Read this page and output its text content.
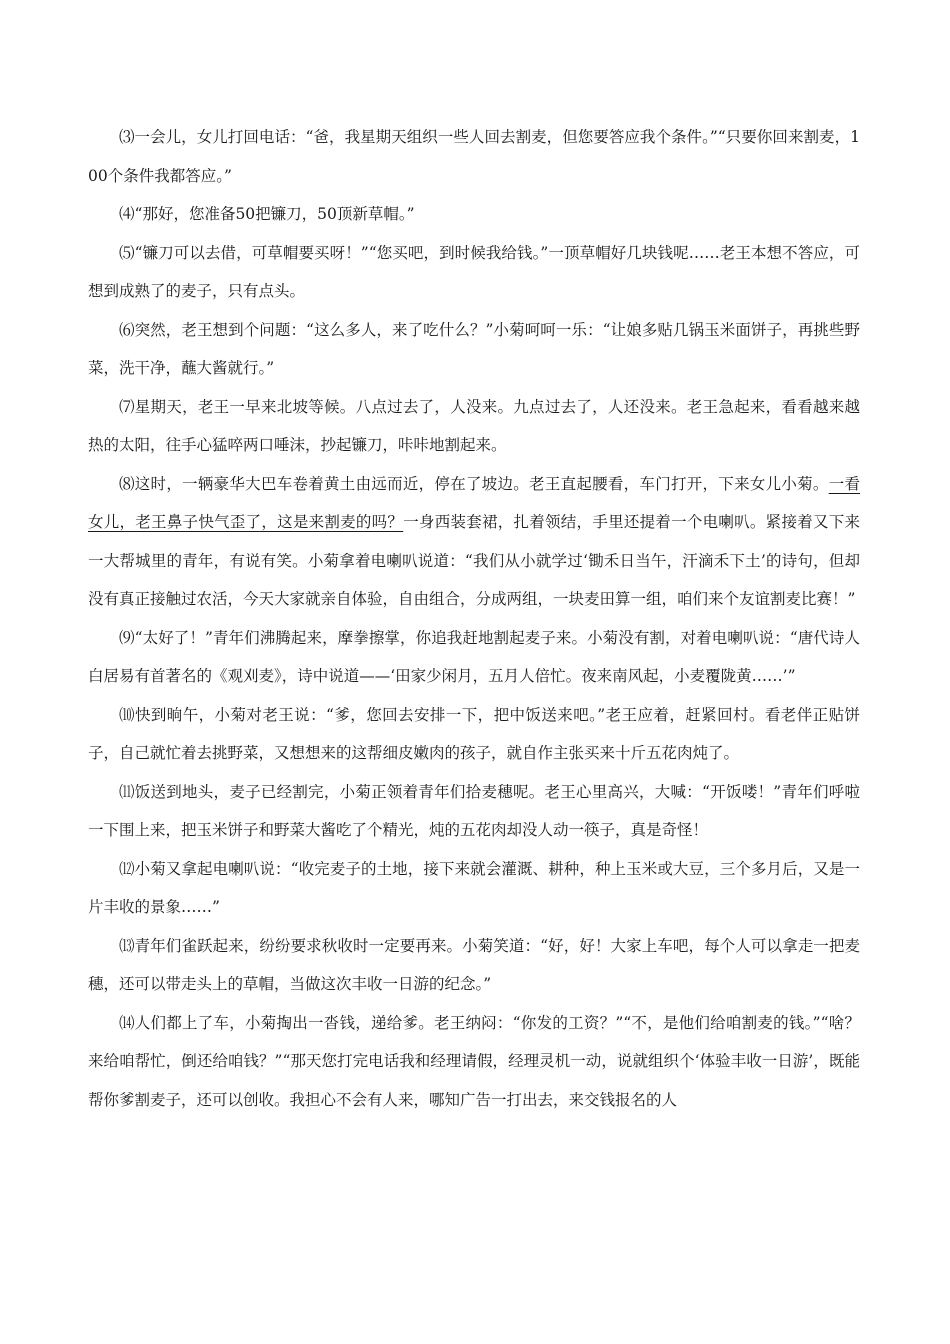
⑶一会儿，女儿打回电话：“爸，我星期天组织一些人回去割麦，但您要答应我个条件。”“只要你回来割麦，100个条件我都答应。”

⑷“那好，您准备50把镰刀，50顶新草帽。”

⑸“镰刀可以去借，可草帽要买呀！”“您买吧，到时候我给钱。”一顶草帽好几块钱呢……老王本想不答应，可想到成熟了的麦子，只有点头。

⑹突然，老王想到个问题：“这么多人，来了吃什么？”小菊呵呵一乐：“让娘多贴几锅玉米面饼子，再挑些野菜，洗干净，蘸大酱就行。”

⑺星期天，老王一早来北坡等候。八点过去了，人没来。九点过去了，人还没来。老王急起来，看看越来越热的太阳，往手心猛啐两口唾沫，抄起镰刀，咔咔地割起来。

⑻这时，一辆豪华大巴车卷着黄土由远而近，停在了坡边。老王直起腰看，车门打开，下来女儿小菊。一看女儿，老王鼻子快气歪了，这是来割麦的吗？一身西装套裙，扎着领结，手里还提着一个电喇叭。紧接着又下来一大帮城里的青年，有说有笑。小菊拿着电喇叭说道：“我们从小就学过‘锄禾日当午，汗滴禾下土’的诗句，但却没有真正接触过农活，今天大家就亲自体验，自由组合，分成两组，一块麦田算一组，咱们来个友谊割麦比赛！”

⑼“太好了！”青年们沸腾起来，摩拳擦掌，你追我赶地割起麦子来。小菊没有割，对着电喇叭说：“唐代诗人白居易有首著名的《观刈麦》，诗中说道——‘田家少闲月，五月人倍忙。夜来南风起，小麦覆陇黄……’”

⑽快到晌午，小菊对老王说：“爹，您回去安排一下，把中饭送来吧。”老王应着，赶紧回村。看老伴正贴饼子，自己就忙着去挑野菜，又想想来的这帮细皮嫩肉的孩子，就自作主张买来十斤五花肉炖了。

⑾饭送到地头，麦子已经割完，小菊正领着青年们拾麦穗呢。老王心里高兴，大喊：“开饭喽！”青年们呼啦一下围上来，把玉米饼子和野菜大酱吃了个精光，炖的五花肉却没人动一筷子，真是奇怪！

⑿小菊又拿起电喇叭说：“收完麦子的土地，接下来就会灌溉、耕种，种上玉米或大豆，三个多月后，又是一片丰收的景象……”

⒀青年们雀跃起来，纷纷要求秋收时一定要再来。小菊笑道：“好，好！大家上车吧，每个人可以拿走一把麦穗，还可以带走头上的草帽，当做这次丰收一日游的纪念。”

⒁人们都上了车，小菊掏出一沓钱，递给爹。老王纳闷：“你发的工资？”“不，是他们给咱割麦的钱。”“啥？来给咱帮忙，倒还给咱钱？”“那天您打完电话我和经理请假，经理灵机一动，说就组织个‘体验丰收一日游’，既能帮你爹割麦子，还可以创收。我担心不会有人来，哪知广告一打出去，来交钱报名的人
